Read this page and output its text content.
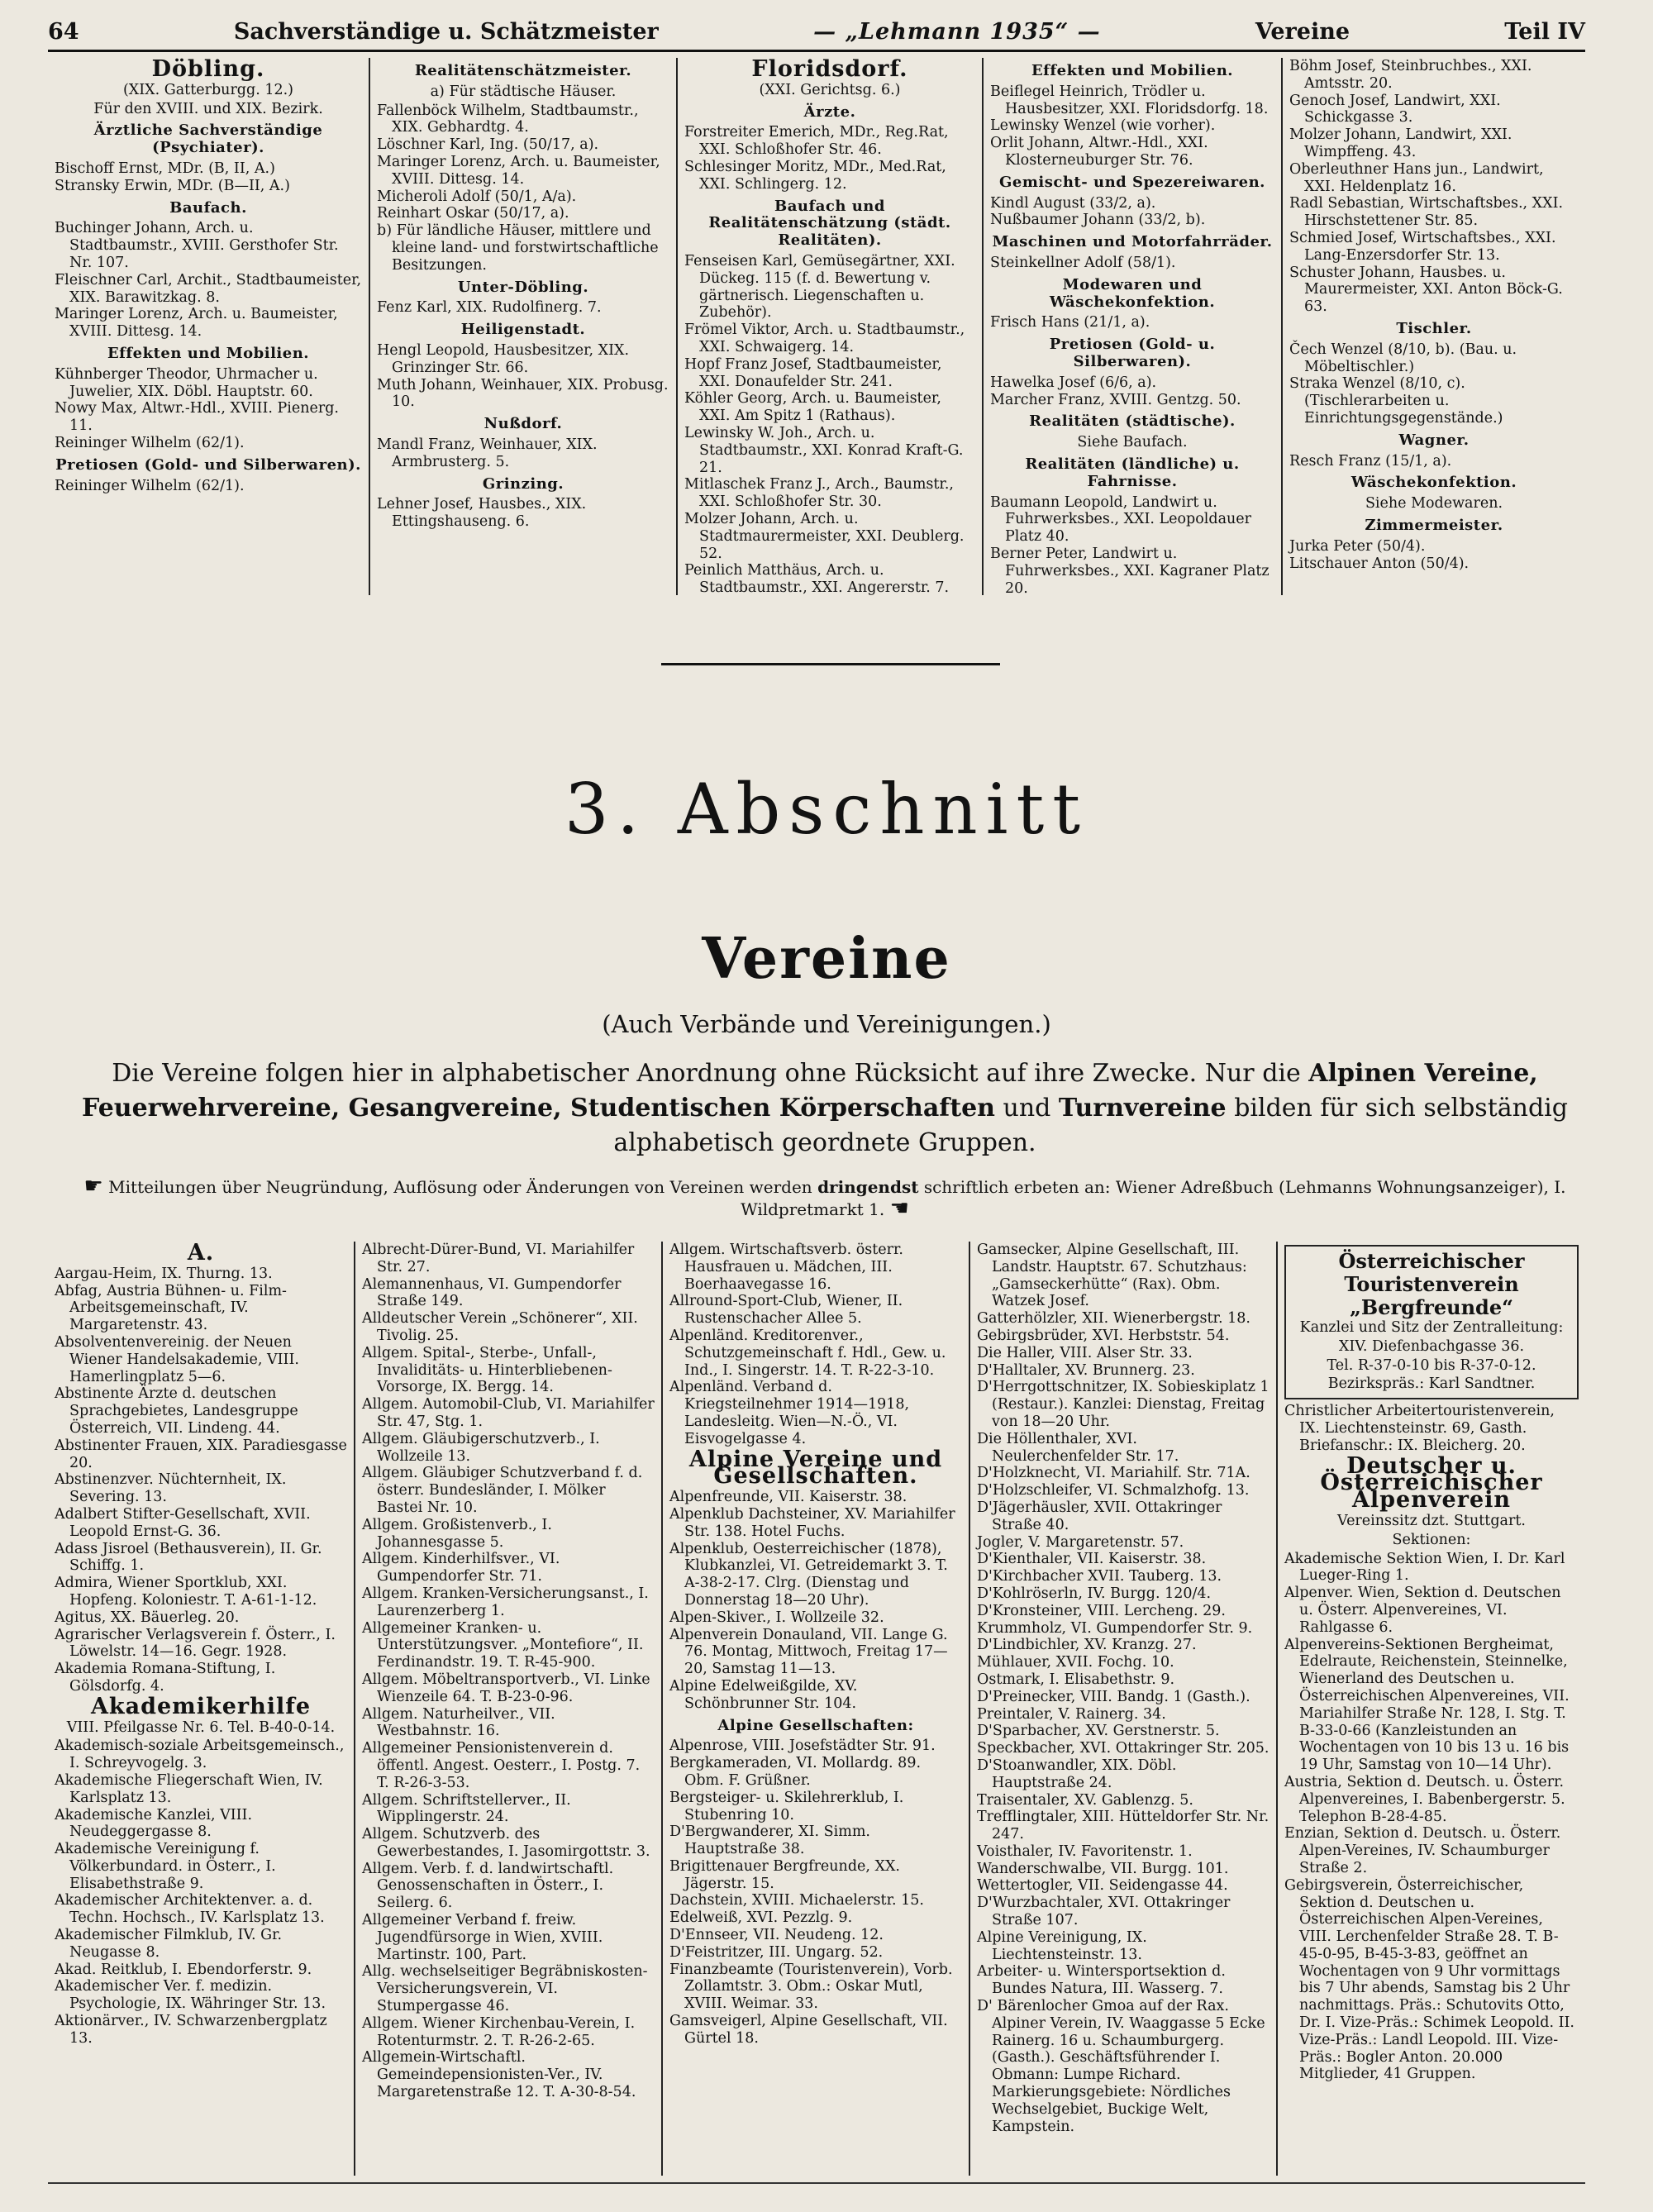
64	Sachverständige u. Schätzmeister	— „Lehmann 1935“ —	Vereine	Teil IV
Döbling.
(XIX. Gatterburgg. 12.)
Für den XVIII. und XIX. Bezirk.
Ärztliche Sachverständige (Psychiater).
Bischoff Ernst, MDr. (B, II, A.)
Stransky Erwin, MDr. (B—II, A.)
Baufach.
Buchinger Johann, Arch. u. Stadtbaumstr., XVIII. Gersthofer Str. Nr. 107.
Fleischner Carl, Archit., Stadtbaumeister, XIX. Barawitzkag. 8.
Maringer Lorenz, Arch. u. Baumeister, XVIII. Dittesg. 14.
Effekten und Mobilien.
Kühnberger Theodor, Uhrmacher u. Juwelier, XIX. Döbl. Hauptstr. 60.
Nowy Max, Altwr.-Hdl., XVIII. Pienerg. 11.
Reininger Wilhelm (62/1).
Pretiosen (Gold- und Silberwaren).
Reininger Wilhelm (62/1).
Realitätenschätzmeister.
a) Für städtische Häuser.
Fallenböck Wilhelm, Stadtbaumstr., XIX. Gebhardtg. 4.
Löschner Karl, Ing. (50/17, a).
Maringer Lorenz, Arch. u. Baumeister, XVIII. Dittesg. 14.
Micheroli Adolf (50/1, A/a).
Reinhart Oskar (50/17, a).
b) Für ländliche Häuser, mittlere und kleine land- und forstwirtschaftliche Besitzungen.
Unter-Döbling.
Fenz Karl, XIX. Rudolfinerg. 7.
Heiligenstadt.
Hengl Leopold, Hausbesitzer, XIX. Grinzinger Str. 66.
Muth Johann, Weinhauer, XIX. Probusg. 10.
Nußdorf.
Mandl Franz, Weinhauer, XIX. Armbrusterg. 5.
Grinzing.
Lehner Josef, Hausbes., XIX. Ettingshauseng. 6.
Floridsdorf.
(XXI. Gerichtsg. 6.)
Ärzte.
Forstreiter Emerich, MDr., Reg.Rat, XXI. Schloßhofer Str. 46.
Schlesinger Moritz, MDr., Med.Rat, XXI. Schlingerg. 12.
Baufach und Realitätenschätzung (städt. Realitäten).
Fenseisen Karl, Gemüsegärtner, XXI. Dückeg. 115 (f. d. Bewertung v. gärtnerisch. Liegenschaften u. Zubehör).
Frömel Viktor, Arch. u. Stadtbaumstr., XXI. Schwaigerg. 14.
Hopf Franz Josef, Stadtbaumeister, XXI. Donaufelder Str. 241.
Köhler Georg, Arch. u. Baumeister, XXI. Am Spitz 1 (Rathaus).
Lewinsky W. Joh., Arch. u. Stadtbaumstr., XXI. Konrad Kraft-G. 21.
Mitlaschek Franz J., Arch., Baumstr., XXI. Schloßhofer Str. 30.
Molzer Johann, Arch. u. Stadtmaurermeister, XXI. Deublerg. 52.
Peinlich Matthäus, Arch. u. Stadtbaumstr., XXI. Angererstr. 7.
Effekten und Mobilien.
Beiflegel Heinrich, Trödler u. Hausbesitzer, XXI. Floridsdorfg. 18.
Lewinsky Wenzel (wie vorher).
Orlit Johann, Altwr.-Hdl., XXI. Klosterneuburger Str. 76.
Gemischt- und Spezereiwaren.
Kindl August (33/2, a).
Nußbaumer Johann (33/2, b).
Maschinen und Motorfahrräder.
Steinkellner Adolf (58/1).
Modewaren und Wäschekonfektion.
Frisch Hans (21/1, a).
Pretiosen (Gold- u. Silberwaren).
Hawelka Josef (6/6, a).
Marcher Franz, XVIII. Gentzg. 50.
Realitäten (städtische).
Siehe Baufach.
Realitäten (ländliche) u. Fahrnisse.
Baumann Leopold, Landwirt u. Fuhrwerksbes., XXI. Leopoldauer Platz 40.
Berner Peter, Landwirt u. Fuhrwerksbes., XXI. Kagraner Platz 20.
Böhm Josef, Steinbruchbes., XXI. Amtsstr. 20.
Genoch Josef, Landwirt, XXI. Schickgasse 3.
Molzer Johann, Landwirt, XXI. Wimpffeng. 43.
Oberleuthner Hans jun., Landwirt, XXI. Heldenplatz 16.
Radl Sebastian, Wirtschaftsbes., XXI. Hirschstettener Str. 85.
Schmied Josef, Wirtschaftsbes., XXI. Lang-Enzersdorfer Str. 13.
Schuster Johann, Hausbes. u. Maurermeister, XXI. Anton Böck-G. 63.
Tischler.
Čech Wenzel (8/10, b). (Bau. u. Möbeltischler.)
Straka Wenzel (8/10, c). (Tischlerarbeiten u. Einrichtungsgegenstände.)
Wagner.
Resch Franz (15/1, a).
Wäschekonfektion.
Siehe Modewaren.
Zimmermeister.
Jurka Peter (50/4).
Litschauer Anton (50/4).
3. Abschnitt
Vereine
(Auch Verbände und Vereinigungen.)
Die Vereine folgen hier in alphabetischer Anordnung ohne Rücksicht auf ihre Zwecke. Nur die Alpinen Vereine, Feuerwehrvereine, Gesangvereine, Studentischen Körperschaften und Turnvereine bilden für sich selbständig alphabetisch geordnete Gruppen.
☛ Mitteilungen über Neugründung, Auflösung oder Änderungen von Vereinen werden dringendst schriftlich erbeten an: Wiener Adreßbuch (Lehmanns Wohnungsanzeiger), I. Wildpretmarkt 1. ☚
A.
Aargau-Heim, IX. Thurng. 13.
Abfag, Austria Bühnen- u. Film-Arbeitsgemeinschaft, IV. Margaretenstr. 43.
Absolventenvereinig. der Neuen Wiener Handelsakademie, VIII. Hamerlingplatz 5—6.
Abstinente Ärzte d. deutschen Sprachgebietes, Landesgruppe Österreich, VII. Lindeng. 44.
Abstinenter Frauen, XIX. Paradiesgasse 20.
Abstinenzver. Nüchternheit, IX. Severing. 13.
Adalbert Stifter-Gesellschaft, XVII. Leopold Ernst-G. 36.
Adass Jisroel (Bethausverein), II. Gr. Schiffg. 1.
Admira, Wiener Sportklub, XXI. Hopfeng. Koloniestr. T. A-61-1-12.
Agitus, XX. Bäuerleg. 20.
Agrarischer Verlagsverein f. Österr., I. Löwelstr. 14—16. Gegr. 1928.
Akademia Romana-Stiftung, I. Gölsdorfg. 4.
Akademikerhilfe
VIII. Pfeilgasse Nr. 6. Tel. B-40-0-14.
Akademisch-soziale Arbeitsgemeinsch., I. Schreyvogelg. 3.
Akademische Fliegerschaft Wien, IV. Karlsplatz 13.
Akademische Kanzlei, VIII. Neudeggergasse 8.
Akademische Vereinigung f. Völkerbundard. in Österr., I. Elisabethstraße 9.
Akademischer Architektenver. a. d. Techn. Hochsch., IV. Karlsplatz 13.
Akademischer Filmklub, IV. Gr. Neugasse 8.
Akad. Reitklub, I. Ebendorferstr. 9.
Akademischer Ver. f. medizin. Psychologie, IX. Währinger Str. 13.
Aktionärver., IV. Schwarzenbergplatz 13.
Albrecht-Dürer-Bund, VI. Mariahilfer Str. 27.
Alemannenhaus, VI. Gumpendorfer Straße 149.
Alldeutscher Verein „Schönerer“, XII. Tivolig. 25.
Allgem. Spital-, Sterbe-, Unfall-, Invaliditäts- u. Hinterbliebenen-Vorsorge, IX. Bergg. 14.
Allgem. Automobil-Club, VI. Mariahilfer Str. 47, Stg. 1.
Allgem. Gläubigerschutzverb., I. Wollzeile 13.
Allgem. Gläubiger Schutzverband f. d. österr. Bundesländer, I. Mölker Bastei Nr. 10.
Allgem. Großistenverb., I. Johannesgasse 5.
Allgem. Kinderhilfsver., VI. Gumpendorfer Str. 71.
Allgem. Kranken-Versicherungsanst., I. Laurenzerberg 1.
Allgemeiner Kranken- u. Unterstützungsver. „Montefiore“, II. Ferdinandstr. 19. T. R-45-900.
Allgem. Möbeltransportverb., VI. Linke Wienzeile 64. T. B-23-0-96.
Allgem. Naturheilver., VII. Westbahnstr. 16.
Allgemeiner Pensionistenverein d. öffentl. Angest. Oesterr., I. Postg. 7. T. R-26-3-53.
Allgem. Schriftstellerver., II. Wipplingerstr. 24.
Allgem. Schutzverb. des Gewerbestandes, I. Jasomirgottstr. 3.
Allgem. Verb. f. d. landwirtschaftl. Genossenschaften in Österr., I. Seilerg. 6.
Allgemeiner Verband f. freiw. Jugendfürsorge in Wien, XVIII. Martinstr. 100, Part.
Allg. wechselseitiger Begräbniskosten-Versicherungsverein, VI. Stumpergasse 46.
Allgem. Wiener Kirchenbau-Verein, I. Rotenturmstr. 2. T. R-26-2-65.
Allgemein-Wirtschaftl. Gemeindepensionisten-Ver., IV. Margaretenstraße 12. T. A-30-8-54.
Allgem. Wirtschaftsverb. österr. Hausfrauen u. Mädchen, III. Boerhaavegasse 16.
Allround-Sport-Club, Wiener, II. Rustenschacher Allee 5.
Alpenländ. Kreditorenver., Schutzgemeinschaft f. Hdl., Gew. u. Ind., I. Singerstr. 14. T. R-22-3-10.
Alpenländ. Verband d. Kriegsteilnehmer 1914—1918, Landesleitg. Wien—N.-Ö., VI. Eisvogelgasse 4.
Alpine Vereine und Gesellschaften.
Alpenfreunde, VII. Kaiserstr. 38.
Alpenklub Dachsteiner, XV. Mariahilfer Str. 138. Hotel Fuchs.
Alpenklub, Oesterreichischer (1878), Klubkanzlei, VI. Getreidemarkt 3. T. A-38-2-17. Clrg. (Dienstag und Donnerstag 18—20 Uhr).
Alpen-Skiver., I. Wollzeile 32.
Alpenverein Donauland, VII. Lange G. 76. Montag, Mittwoch, Freitag 17—20, Samstag 11—13.
Alpine Edelweißgilde, XV. Schönbrunner Str. 104.
Alpine Gesellschaften:
Alpenrose, VIII. Josefstädter Str. 91.
Bergkameraden, VI. Mollardg. 89. Obm. F. Grüßner.
Bergsteiger- u. Skilehrerklub, I. Stubenring 10.
D'Bergwanderer, XI. Simm. Hauptstraße 38.
Brigittenauer Bergfreunde, XX. Jägerstr. 15.
Dachstein, XVIII. Michaelerstr. 15.
Edelweiß, XVI. Pezzlg. 9.
D'Ennseer, VII. Neudeng. 12.
D'Feistritzer, III. Ungarg. 52.
Finanzbeamte (Touristenverein), Vorb. Zollamtstr. 3. Obm.: Oskar Mutl, XVIII. Weimar. 33.
Gamsveigerl, Alpine Gesellschaft, VII. Gürtel 18.
Gamsecker, Alpine Gesellschaft, III. Landstr. Hauptstr. 67. Schutzhaus: „Gamseckerhütte“ (Rax). Obm. Watzek Josef.
Gatterhölzler, XII. Wienerbergstr. 18.
Gebirgsbrüder, XVI. Herbststr. 54.
Die Haller, VIII. Alser Str. 33.
D'Halltaler, XV. Brunnerg. 23.
D'Herrgottschnitzer, IX. Sobieskiplatz 1 (Restaur.). Kanzlei: Dienstag, Freitag von 18—20 Uhr.
Die Höllenthaler, XVI. Neulerchenfelder Str. 17.
D'Holzknecht, VI. Mariahilf. Str. 71A.
D'Holzschleifer, VI. Schmalzhofg. 13.
D'Jägerhäusler, XVII. Ottakringer Straße 40.
Jogler, V. Margaretenstr. 57.
D'Kienthaler, VII. Kaiserstr. 38.
D'Kirchbacher XVII. Tauberg. 13.
D'Kohlröserln, IV. Burgg. 120/4.
D'Kronsteiner, VIII. Lercheng. 29.
Krummholz, VI. Gumpendorfer Str. 9.
D'Lindbichler, XV. Kranzg. 27.
Mühlauer, XVII. Fochg. 10.
Ostmark, I. Elisabethstr. 9.
D'Preinecker, VIII. Bandg. 1 (Gasth.).
Preintaler, V. Rainerg. 34.
D'Sparbacher, XV. Gerstnerstr. 5.
Speckbacher, XVI. Ottakringer Str. 205.
D'Stoanwandler, XIX. Döbl. Hauptstraße 24.
Traisentaler, XV. Gablenzg. 5.
Trefflingtaler, XIII. Hütteldorfer Str. Nr. 247.
Voisthaler, IV. Favoritenstr. 1.
Wanderschwalbe, VII. Burgg. 101.
Wettertogler, VII. Seidengasse 44.
D'Wurzbachtaler, XVI. Ottakringer Straße 107.
Alpine Vereinigung, IX. Liechtensteinstr. 13.
Arbeiter- u. Wintersportsektion d. Bundes Natura, III. Wasserg. 7.
D' Bärenlocher Gmoa auf der Rax. Alpiner Verein, IV. Waaggasse 5 Ecke Rainerg. 16 u. Schaumburgerg. (Gasth.). Geschäftsführender I. Obmann: Lumpe Richard. Markierungsgebiete: Nördliches Wechselgebiet, Buckige Welt, Kampstein.
Österreichischer Touristenverein „Bergfreunde“
Kanzlei und Sitz der Zentralleitung:
XIV. Diefenbachgasse 36.
Tel. R-37-0-10 bis R-37-0-12.
Bezirkspräs.: Karl Sandtner.
Christlicher Arbeitertouristenverein, IX. Liechtensteinstr. 69, Gasth. Briefanschr.: IX. Bleicherg. 20.
Deutscher u. Österreichischer Alpenverein
Vereinssitz dzt. Stuttgart.
Sektionen:
Akademische Sektion Wien, I. Dr. Karl Lueger-Ring 1.
Alpenver. Wien, Sektion d. Deutschen u. Österr. Alpenvereines, VI. Rahlgasse 6.
Alpenvereins-Sektionen Bergheimat, Edelraute, Reichenstein, Steinnelke, Wienerland des Deutschen u. Österreichischen Alpenvereines, VII. Mariahilfer Straße Nr. 128, I. Stg. T. B-33-0-66 (Kanzleistunden an Wochentagen von 10 bis 13 u. 16 bis 19 Uhr, Samstag von 10—14 Uhr).
Austria, Sektion d. Deutsch. u. Österr. Alpenvereines, I. Babenbergerstr. 5. Telephon B-28-4-85.
Enzian, Sektion d. Deutsch. u. Österr. Alpen-Vereines, IV. Schaumburger Straße 2.
Gebirgsverein, Österreichischer, Sektion d. Deutschen u. Österreichischen Alpen-Vereines, VIII. Lerchenfelder Straße 28. T. B-45-0-95, B-45-3-83, geöffnet an Wochentagen von 9 Uhr vormittags bis 7 Uhr abends, Samstag bis 2 Uhr nachmittags. Präs.: Schutovits Otto, Dr. I. Vize-Präs.: Schimek Leopold. II. Vize-Präs.: Landl Leopold. III. Vize-Präs.: Bogler Anton. 20.000 Mitglieder, 41 Gruppen.
